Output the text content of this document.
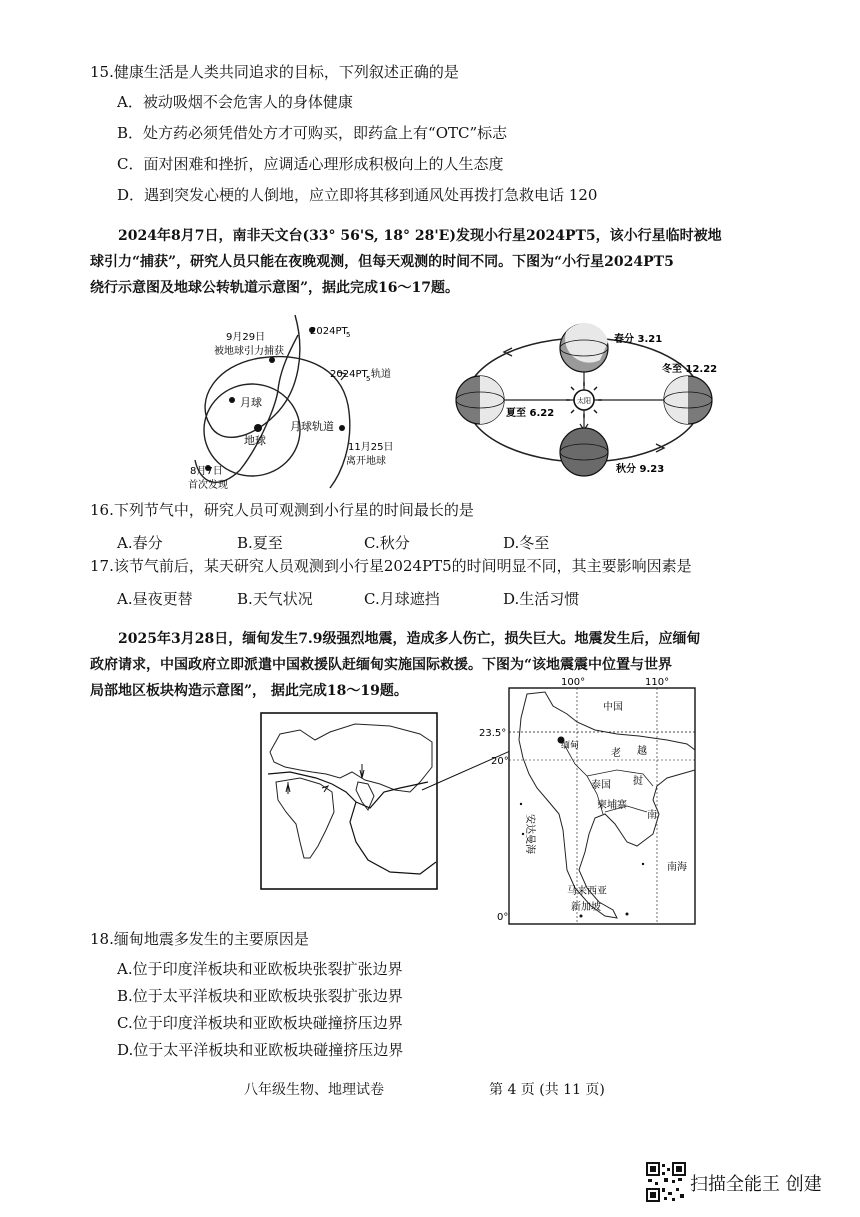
15.健康生活是人类共同追求的目标，下列叙述正确的是
A．被动吸烟不会危害人的身体健康
B．处方药必须凭借处方才可购买，即药盒上有“OTC”标志
C．面对困难和挫折，应调适心理形成积极向上的人生态度
D．遇到突发心梗的人倒地，应立即将其移到通风处再拨打急救电话 120
2024年8月7日，南非天文台(33° 56'S, 18° 28'E)发现小行星2024PT5，该小行星临时被地
球引力“捕获”，研究人员只能在夜晚观测，但每天观测的时间不同。下图为“小行星2024PT5
绕行示意图及地球公转轨道示意图”，据此完成16～17题。
2024PT
5
9月29日
被地球引力捕获
2024PT
5 轨道
月球
地球
月球轨道
11月25日
离开地球
8月7日
首次发现
太阳
春分 3.21
夏至 6.22
冬至 12.22
秋分 9.23
16.下列节气中，研究人员可观测到小行星的时间最长的是
A.春分	B.夏至	C.秋分	D.冬至
17.该节气前后，某天研究人员观测到小行星2024PT5的时间明显不同，其主要影响因素是
A.昼夜更替	B.天气状况	C.月球遮挡	D.生活习惯
2025年3月28日，缅甸发生7.9级强烈地震，造成多人伤亡，损失巨大。地震发生后，应缅甸
政府请求，中国政府立即派遣中国救援队赶缅甸实施国际救援。下图为“该地震震中位置与世界
局部地区板块构造示意图”， 据此完成18～19题。
100°	110°
23.5°
20°
0°
中国
缅甸
老 越
泰国 挝
柬埔寨
南
南海
马来西亚
新加坡
安达曼海
18.缅甸地震多发生的主要原因是
A.位于印度洋板块和亚欧板块张裂扩张边界
B.位于太平洋板块和亚欧板块张裂扩张边界
C.位于印度洋板块和亚欧板块碰撞挤压边界
D.位于太平洋板块和亚欧板块碰撞挤压边界
八年级生物、地理试卷	第 4 页 (共 11 页)
扫描全能王 创建
